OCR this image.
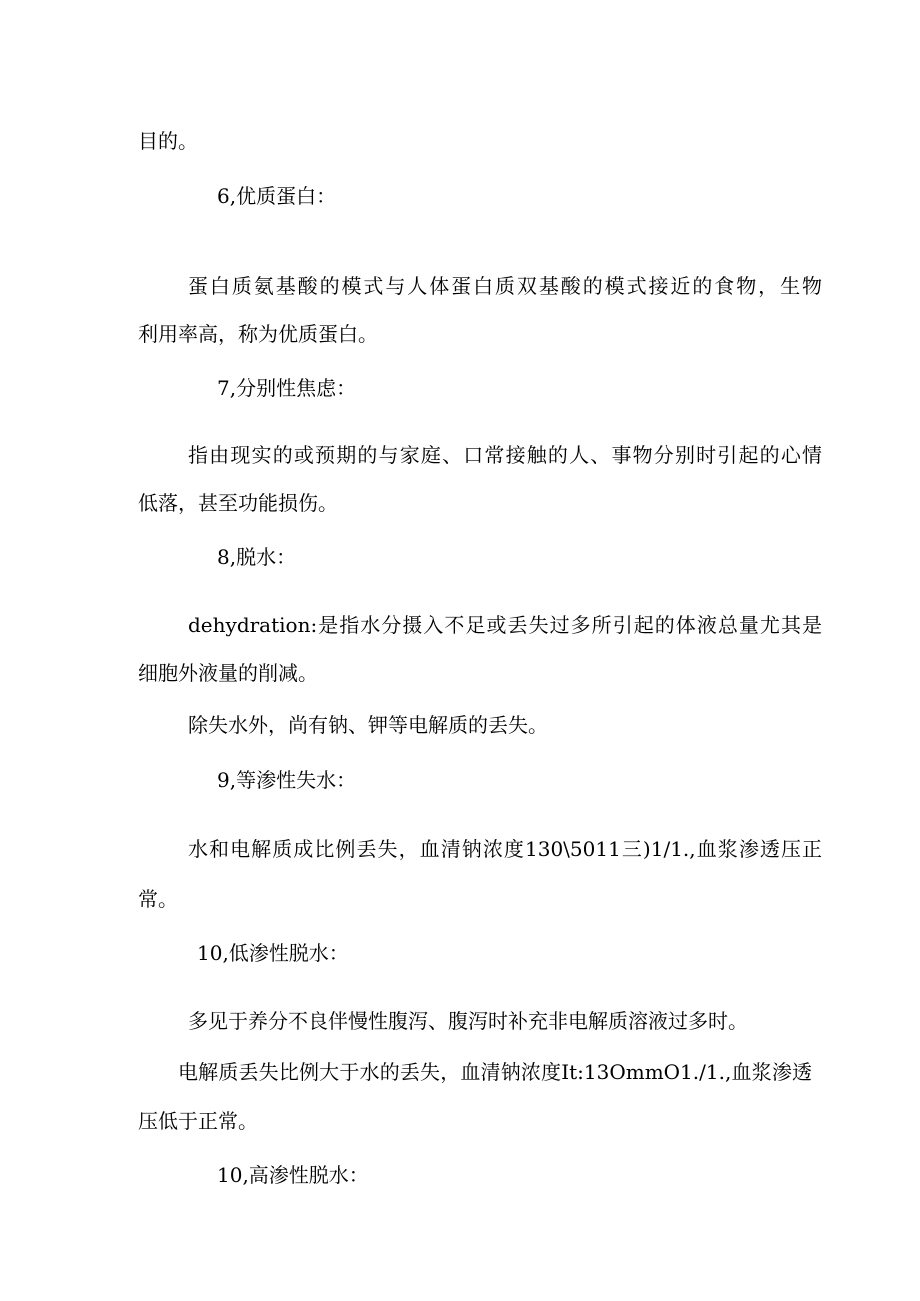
目的。

6,优质蛋白：

蛋白质氨基酸的模式与人体蛋白质双基酸的模式接近的食物，生物

利用率高，称为优质蛋白。

7,分别性焦虑：

指由现实的或预期的与家庭、口常接触的人、事物分别时引起的心情

低落，甚至功能损伤。

8,脱水：

dehydration:是指水分摄入不足或丢失过多所引起的体液总量尤其是

细胞外液量的削减。

除失水外，尚有钠、钾等电解质的丢失。

9,等渗性失水：

水和电解质成比例丢失，血清钠浓度130\5011三)1/1.,血浆渗透压正

常。

10,低渗性脱水：

多见于养分不良伴慢性腹泻、腹泻时补充非电解质溶液过多时。

电解质丢失比例大于水的丢失，血清钠浓度It:13OmmO1./1.,血浆渗透

压低于正常。

10,高渗性脱水：
